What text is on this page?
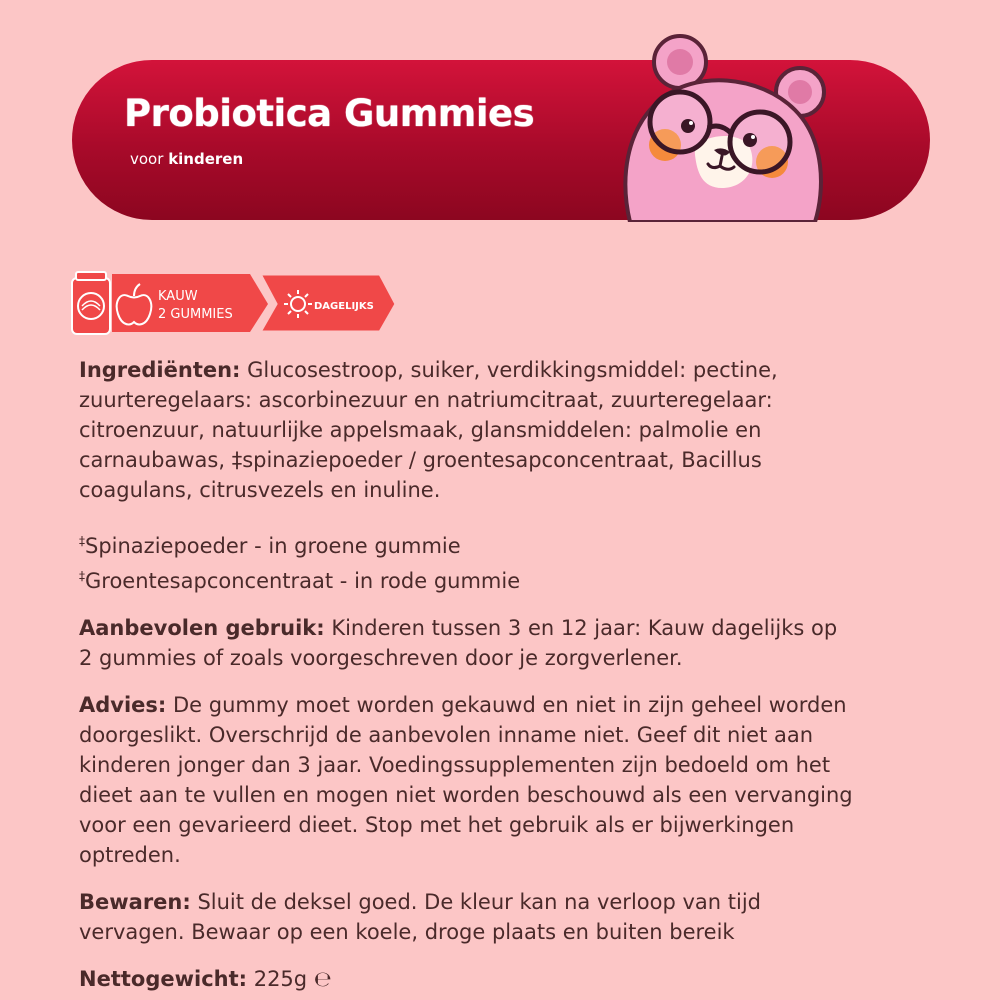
Probiotica Gummies
voor kinderen
KAUW
2 GUMMIES
DAGELIJKS

Ingrediënten: Glucosestroop, suiker, verdikkingsmiddel: pectine,

zuurteregelaars: ascorbinezuur en natriumcitraat, zuurteregelaar:

citroenzuur, natuurlijke appelsmaak, glansmiddelen: palmolie en

carnaubawas, ‡spinaziepoeder / groentesapconcentraat, Bacillus

coagulans, citrusvezels en inuline.

‡Spinaziepoeder - in groene gummie

‡Groentesapconcentraat - in rode gummie

Aanbevolen gebruik: Kinderen tussen 3 en 12 jaar: Kauw dagelijks op

2 gummies of zoals voorgeschreven door je zorgverlener.

Advies: De gummy moet worden gekauwd en niet in zijn geheel worden

doorgeslikt. Overschrijd de aanbevolen inname niet. Geef dit niet aan

kinderen jonger dan 3 jaar. Voedingssupplementen zijn bedoeld om het

dieet aan te vullen en mogen niet worden beschouwd als een vervanging

voor een gevarieerd dieet. Stop met het gebruik als er bijwerkingen

optreden.

Bewaren: Sluit de deksel goed. De kleur kan na verloop van tijd

vervagen. Bewaar op een koele, droge plaats en buiten bereik

Nettogewicht: 225g ℮
